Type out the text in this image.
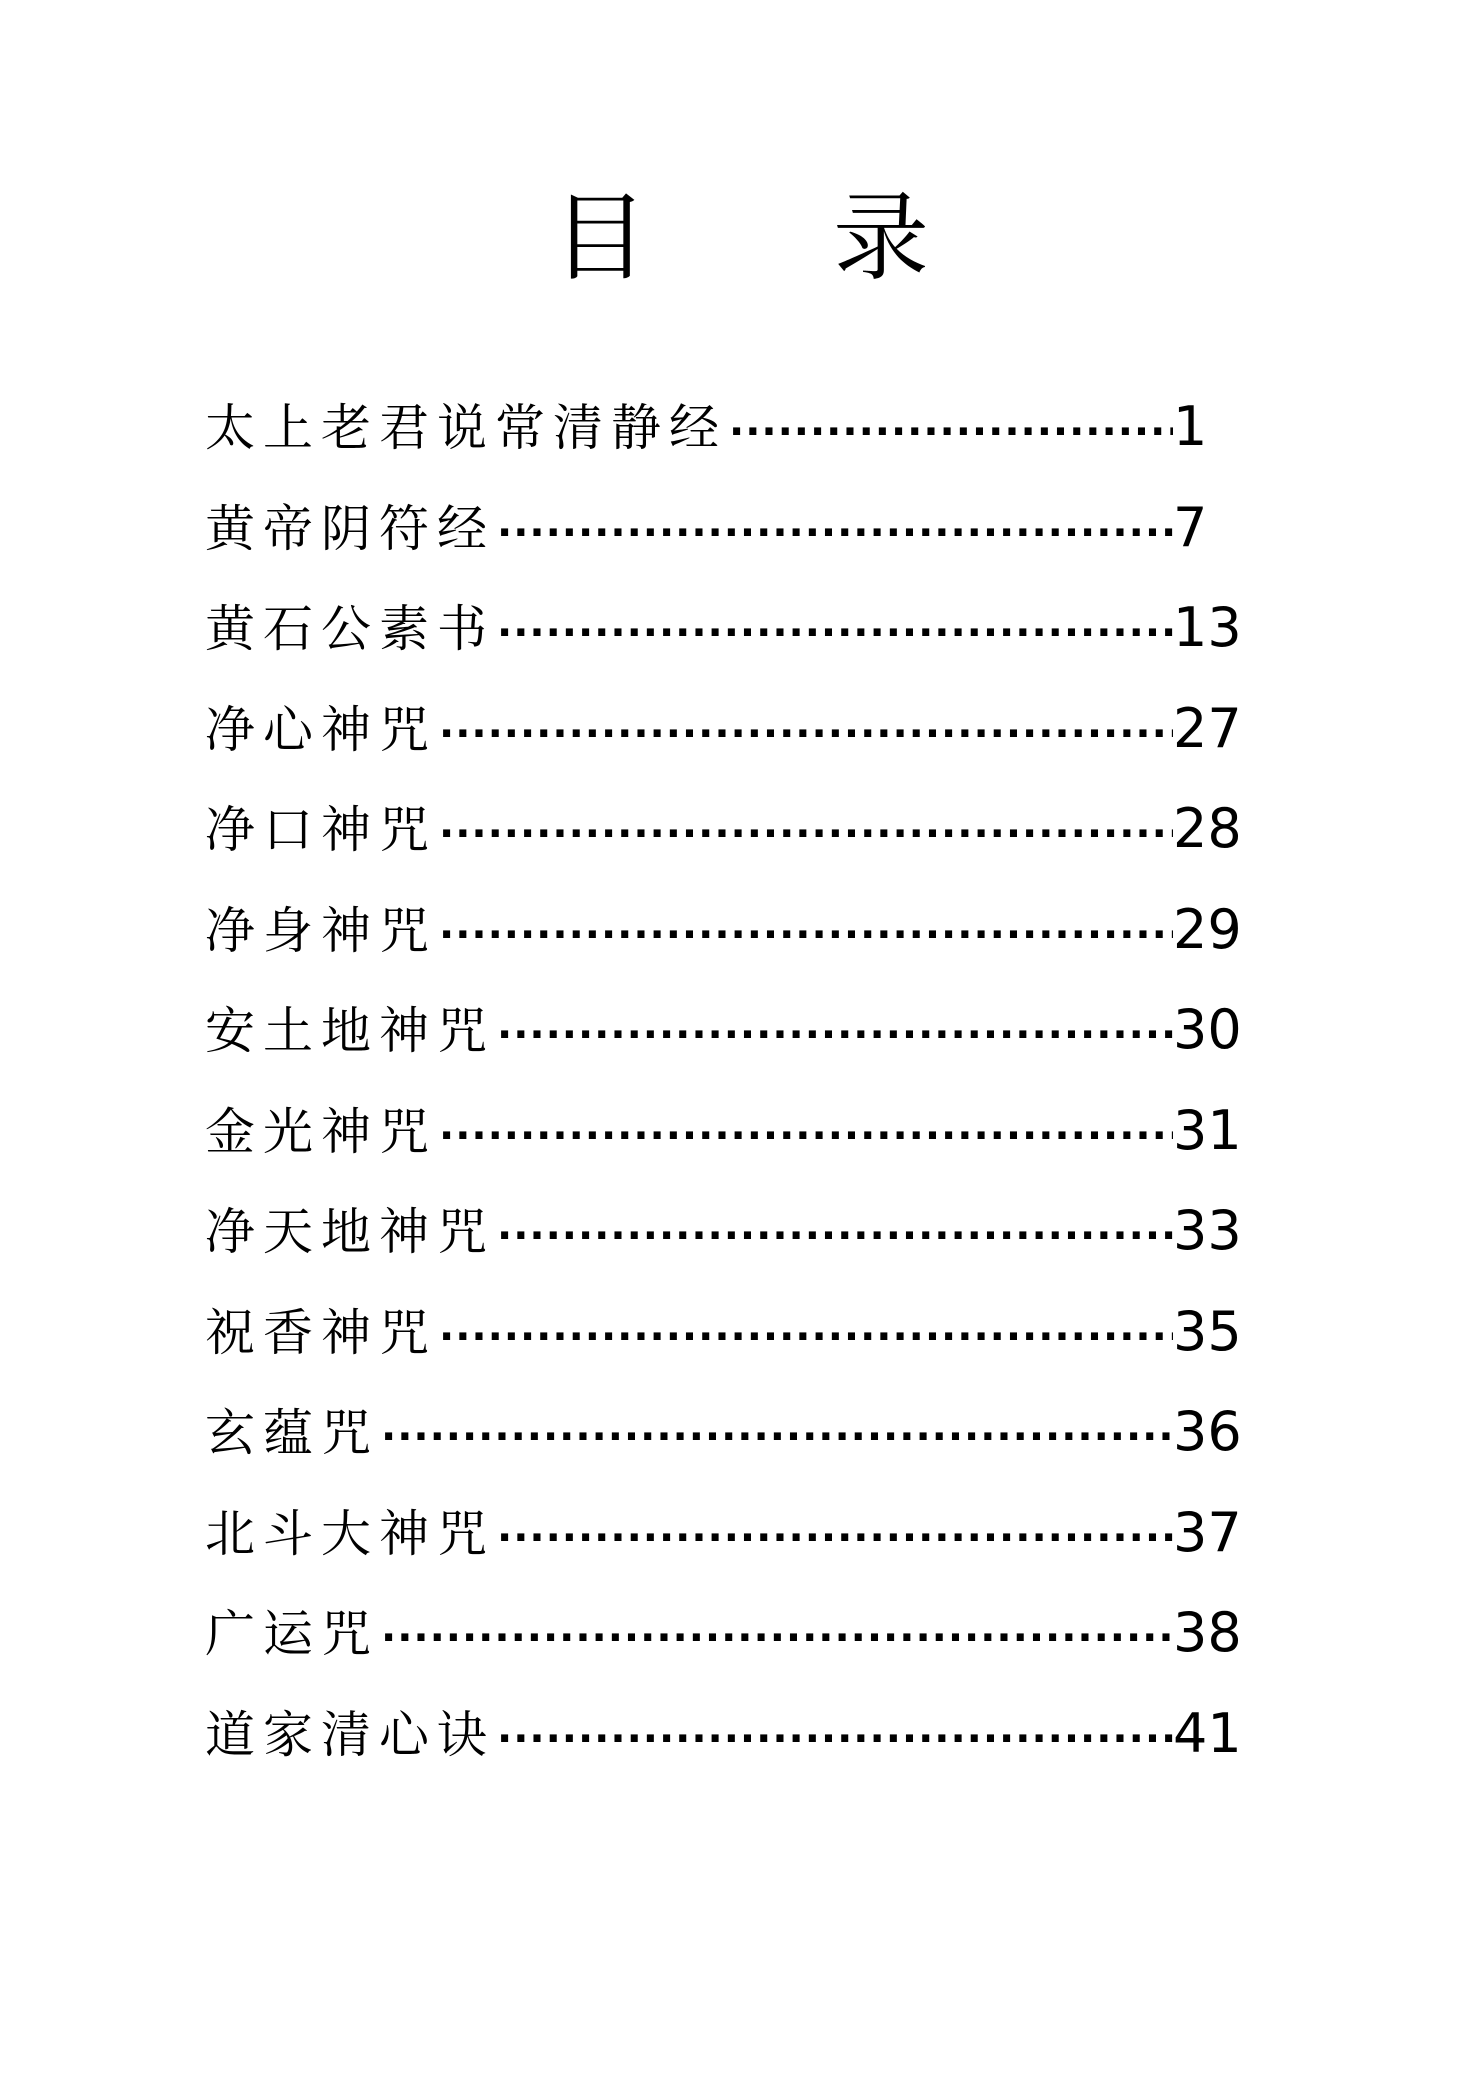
目 录
太上老君说常清静经 ·····	1
黄帝阴符经 ·····	7
黄石公素书 ·····	13
净心神咒 ·····	27
净口神咒 ·····	28
净身神咒 ·····	29
安土地神咒 ·····	30
金光神咒 ·····	31
净天地神咒 ·····	33
祝香神咒 ·····	35
玄蕴咒 ·····	36
北斗大神咒 ·····	37
广运咒 ·····	38
道家清心诀 ·····	41
